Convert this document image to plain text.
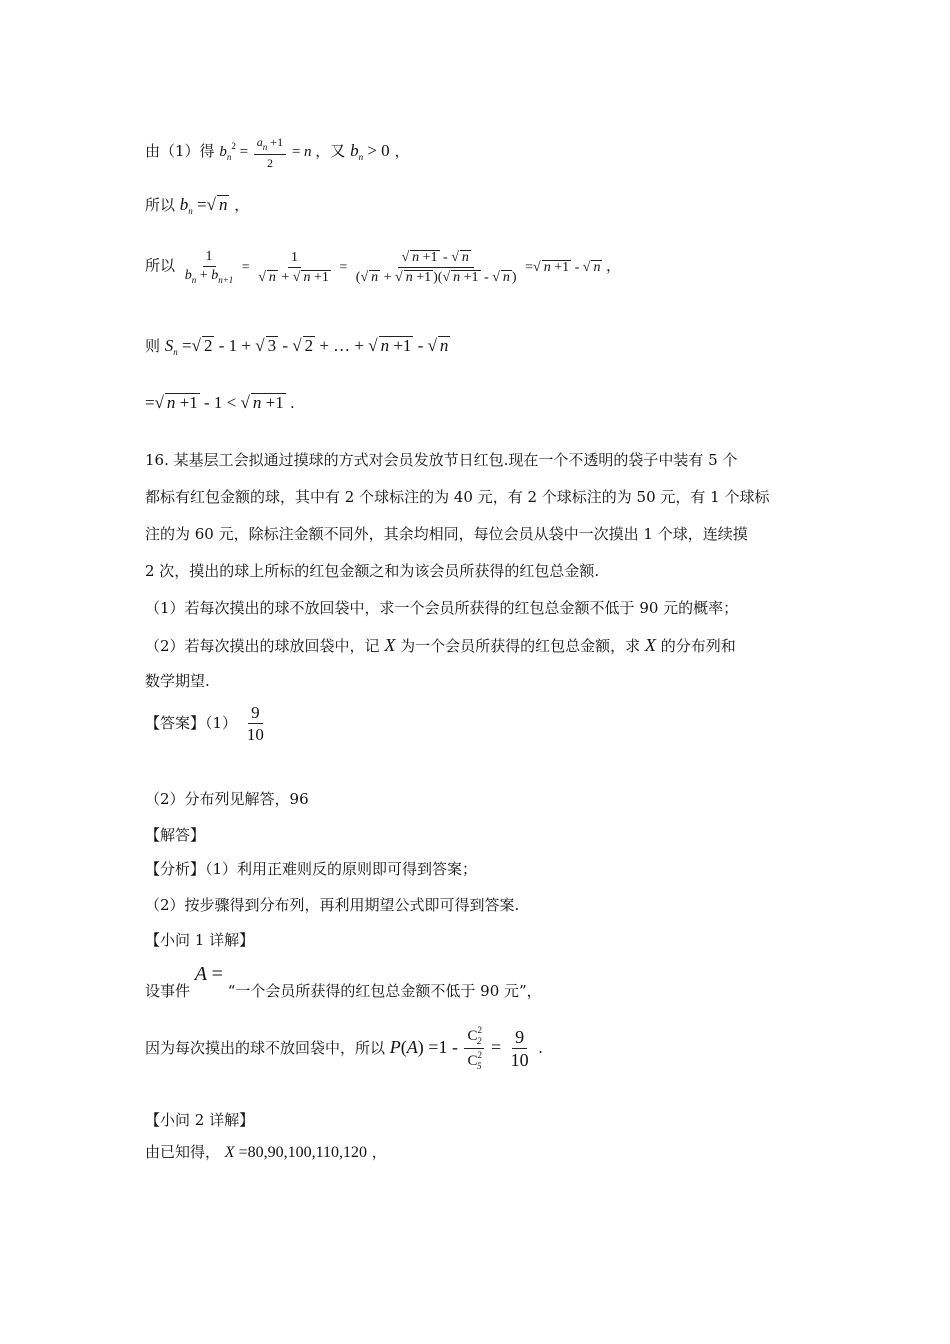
由（1）得 $b_n^2 = \frac{a_n +1}{2} = n$ ，又 $b_n > 0$ ，
所以 $b_n$ =√ n ，
所以 $\frac{1}{b_n + b_{n+1}} = \frac{1}{√ n + √ n +1} = \frac{√ n +1 - √ n}{(√ n + √ n +1 )(√ n +1 - √ n )}$ =√ n +1 - √ n ，
则 $S_n$ =√ 2 - 1 + √ 3 - √ 2 + … + √ n +1 - √ n
=√ n +1 - 1 < √ n +1 .
16. 某基层工会拟通过摸球的方式对会员发放节日红包.现在一个不透明的袋子中装有 5 个
都标有红包金额的球，其中有 2 个球标注的为 40 元，有 2 个球标注的为 50 元，有 1 个球标
注的为 60 元，除标注金额不同外，其余均相同，每位会员从袋中一次摸出 1 个球，连续摸
2 次，摸出的球上所标的红包金额之和为该会员所获得的红包总金额.
（1）若每次摸出的球不放回袋中，求一个会员所获得的红包总金额不低于 90 元的概率；
（2）若每次摸出的球放回袋中，记 X 为一个会员所获得的红包总金额，求 X 的分布列和
数学期望.
【答案】$(1) \frac{9}{10}$
（2）分布列见解答，96
【解答】
【分析】（1）利用正难则反的原则即可得到答案；
（2）按步骤得到分布列，再利用期望公式即可得到答案.
【小问 1 详解】
设事件 A = “一个会员所获得的红包总金额不低于 90 元”，
因为每次摸出的球不放回袋中，所以 $P(A) =1 - \frac{C^2_2}{C^2_5} = \frac{9}{10}$ .
【小问 2 详解】
由已知得， X =80,90,100,110,120 ，
